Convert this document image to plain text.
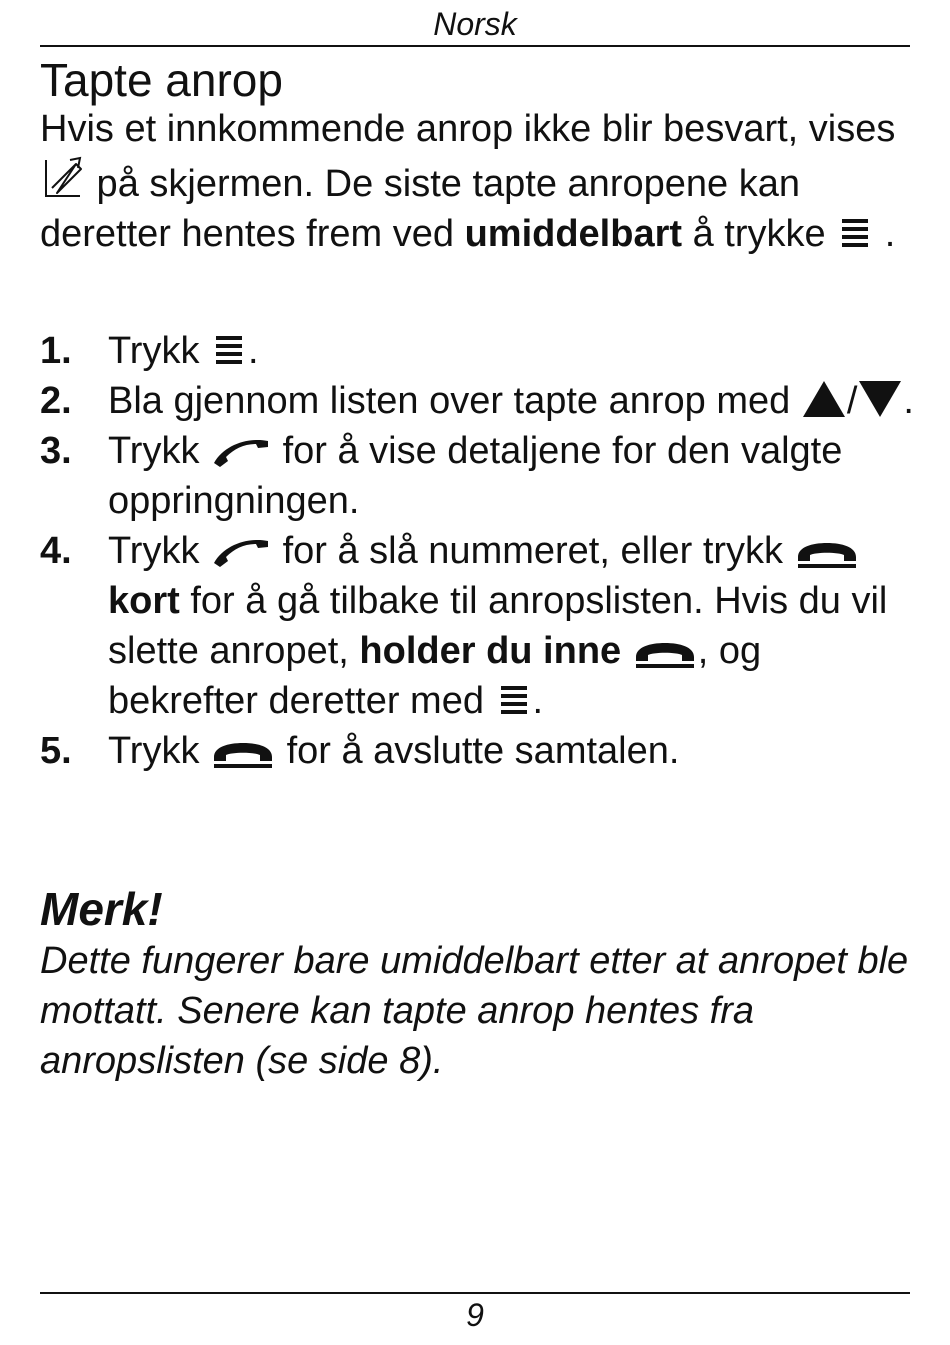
Norsk
Tapte anrop

Hvis et innkommende anrop ikke blir besvart, vises  på skjermen. De siste tapte anropene kan deretter hentes frem ved umiddelbart å trykke  .

1. Trykk .
2. Bla gjennom listen over tapte anrop med / .
3. Trykk  for å vise detaljene for den valgte oppringningen.
4. Trykk  for å slå nummeret, eller trykk  kort for å gå tilbake til anropslisten. Hvis du vil slette anropet, holder du inne , og bekrefter deretter med .
5. Trykk  for å avslutte samtalen.
Merk!

Dette fungerer bare umiddelbart etter at anropet ble mottatt. Senere kan tapte anrop hentes fra anropslisten (se side 8).

9
